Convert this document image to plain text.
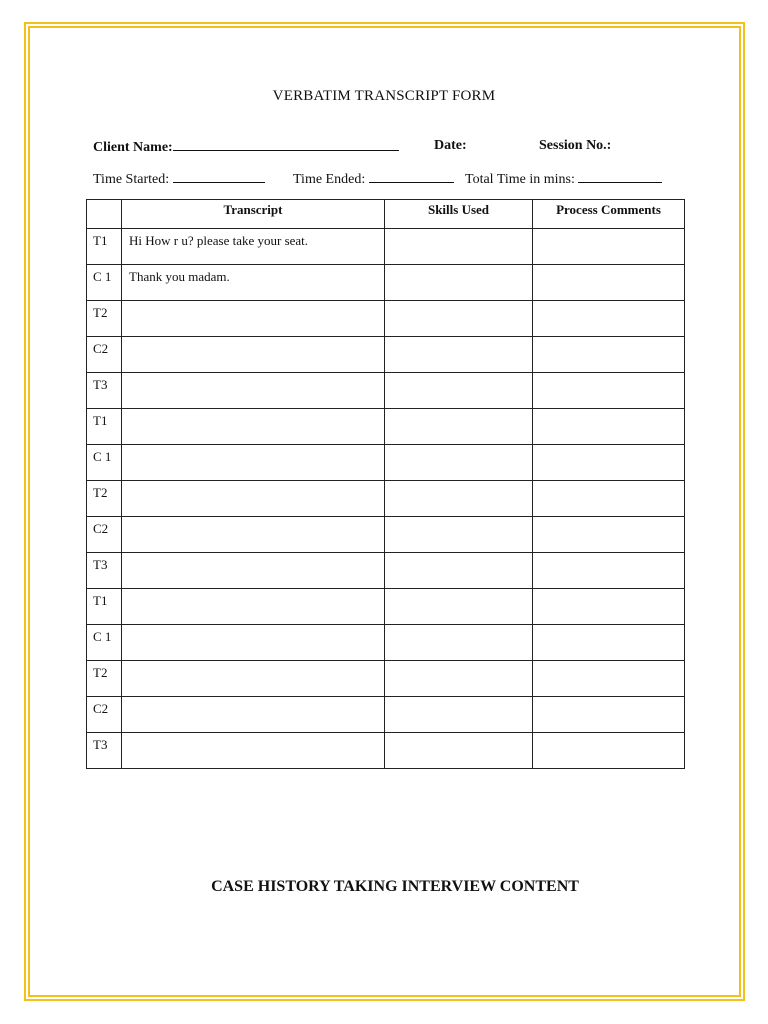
VERBATIM TRANSCRIPT FORM
Client Name:	Date:	Session No.:
Time Started:	Time Ended:	Total Time in mins:
	Transcript	Skills Used	Process Comments
T1	Hi How r u? please take your seat.		
C 1	Thank you madam.		
T2			
C2			
T3			
T1			
C 1			
T2			
C2			
T3			
T1			
C 1			
T2			
C2			
T3			
CASE HISTORY TAKING INTERVIEW CONTENT
